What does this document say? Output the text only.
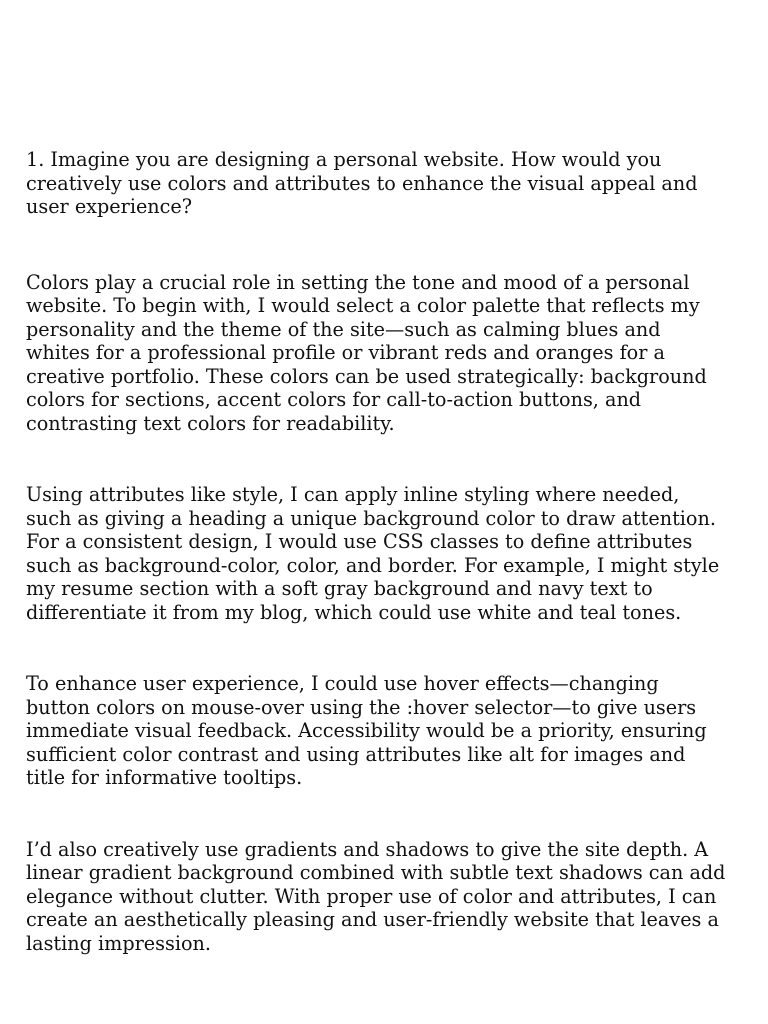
1. Imagine you are designing a personal website. How would you creatively use colors and attributes to enhance the visual appeal and user experience?

Colors play a crucial role in setting the tone and mood of a personal website. To begin with, I would select a color palette that reflects my personality and the theme of the site—such as calming blues and whites for a professional profile or vibrant reds and oranges for a creative portfolio. These colors can be used strategically: background colors for sections, accent colors for call-to-action buttons, and contrasting text colors for readability.

Using attributes like style, I can apply inline styling where needed, such as giving a heading a unique background color to draw attention. For a consistent design, I would use CSS classes to define attributes such as background-color, color, and border. For example, I might style my resume section with a soft gray background and navy text to differentiate it from my blog, which could use white and teal tones.

To enhance user experience, I could use hover effects—changing button colors on mouse-over using the :hover selector—to give users immediate visual feedback. Accessibility would be a priority, ensuring sufficient color contrast and using attributes like alt for images and title for informative tooltips.

I’d also creatively use gradients and shadows to give the site depth. A linear gradient background combined with subtle text shadows can add elegance without clutter. With proper use of color and attributes, I can create an aesthetically pleasing and user-friendly website that leaves a lasting impression.
